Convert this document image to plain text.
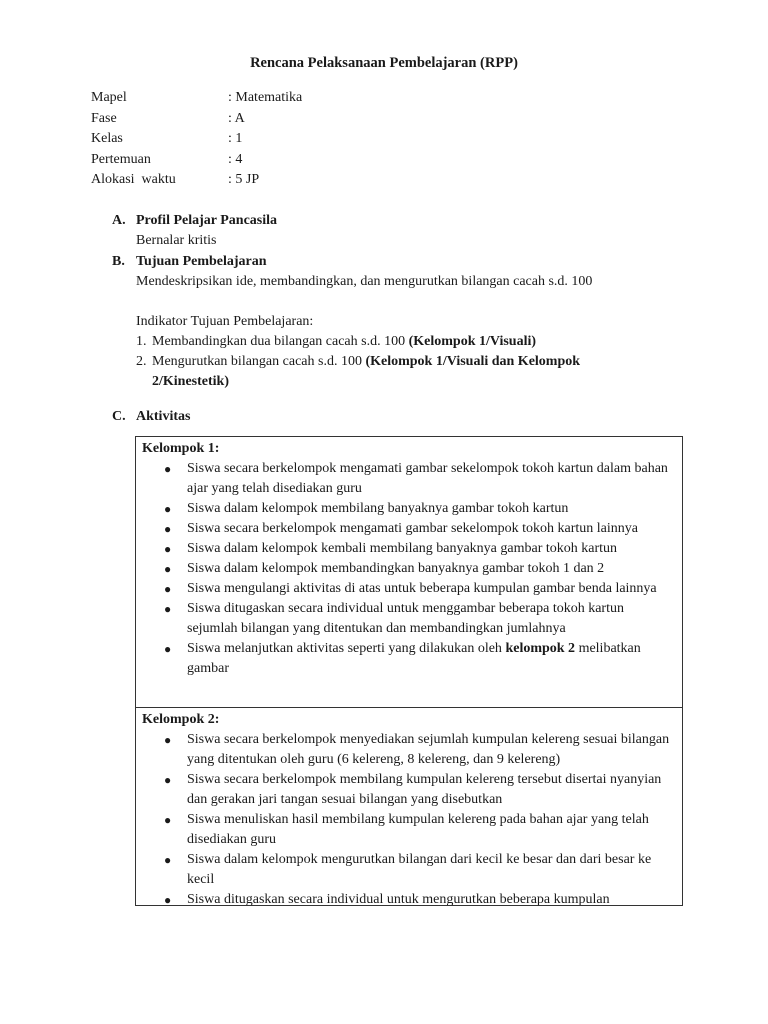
Rencana Pelaksanaan Pembelajaran (RPP)
Mapel	: Matematika
Fase	: A
Kelas	: 1
Pertemuan	: 4
Alokasi  waktu	: 5 JP
A. Profil Pelajar Pancasila
Bernalar kritis
B. Tujuan Pembelajaran
Mendeskripsikan ide, membandingkan, dan mengurutkan bilangan cacah s.d. 100
Indikator Tujuan Pembelajaran:
1. Membandingkan dua bilangan cacah s.d. 100 (Kelompok 1/Visuali)
2. Mengurutkan bilangan cacah s.d. 100 (Kelompok 1/Visuali dan Kelompok 2/Kinestetik)
C. Aktivitas
Kelompok 1:
● Siswa secara berkelompok mengamati gambar sekelompok tokoh kartun dalam bahan ajar yang telah disediakan guru
● Siswa dalam kelompok membilang banyaknya gambar tokoh kartun
● Siswa secara berkelompok mengamati gambar sekelompok tokoh kartun lainnya
● Siswa dalam kelompok kembali membilang banyaknya gambar tokoh kartun
● Siswa dalam kelompok membandingkan banyaknya gambar tokoh 1 dan 2
● Siswa mengulangi aktivitas di atas untuk beberapa kumpulan gambar benda lainnya
● Siswa ditugaskan secara individual untuk menggambar beberapa tokoh kartun sejumlah bilangan yang ditentukan dan membandingkan jumlahnya
● Siswa melanjutkan aktivitas seperti yang dilakukan oleh kelompok 2 melibatkan gambar
Kelompok 2:
● Siswa secara berkelompok menyediakan sejumlah kumpulan kelereng sesuai bilangan yang ditentukan oleh guru (6 kelereng, 8 kelereng, dan 9 kelereng)
● Siswa secara berkelompok membilang kumpulan kelereng tersebut disertai nyanyian dan gerakan jari tangan sesuai bilangan yang disebutkan
● Siswa menuliskan hasil membilang kumpulan kelereng pada bahan ajar yang telah disediakan guru
● Siswa dalam kelompok mengurutkan bilangan dari kecil ke besar dan dari besar ke kecil
● Siswa ditugaskan secara individual untuk mengurutkan beberapa kumpulan
